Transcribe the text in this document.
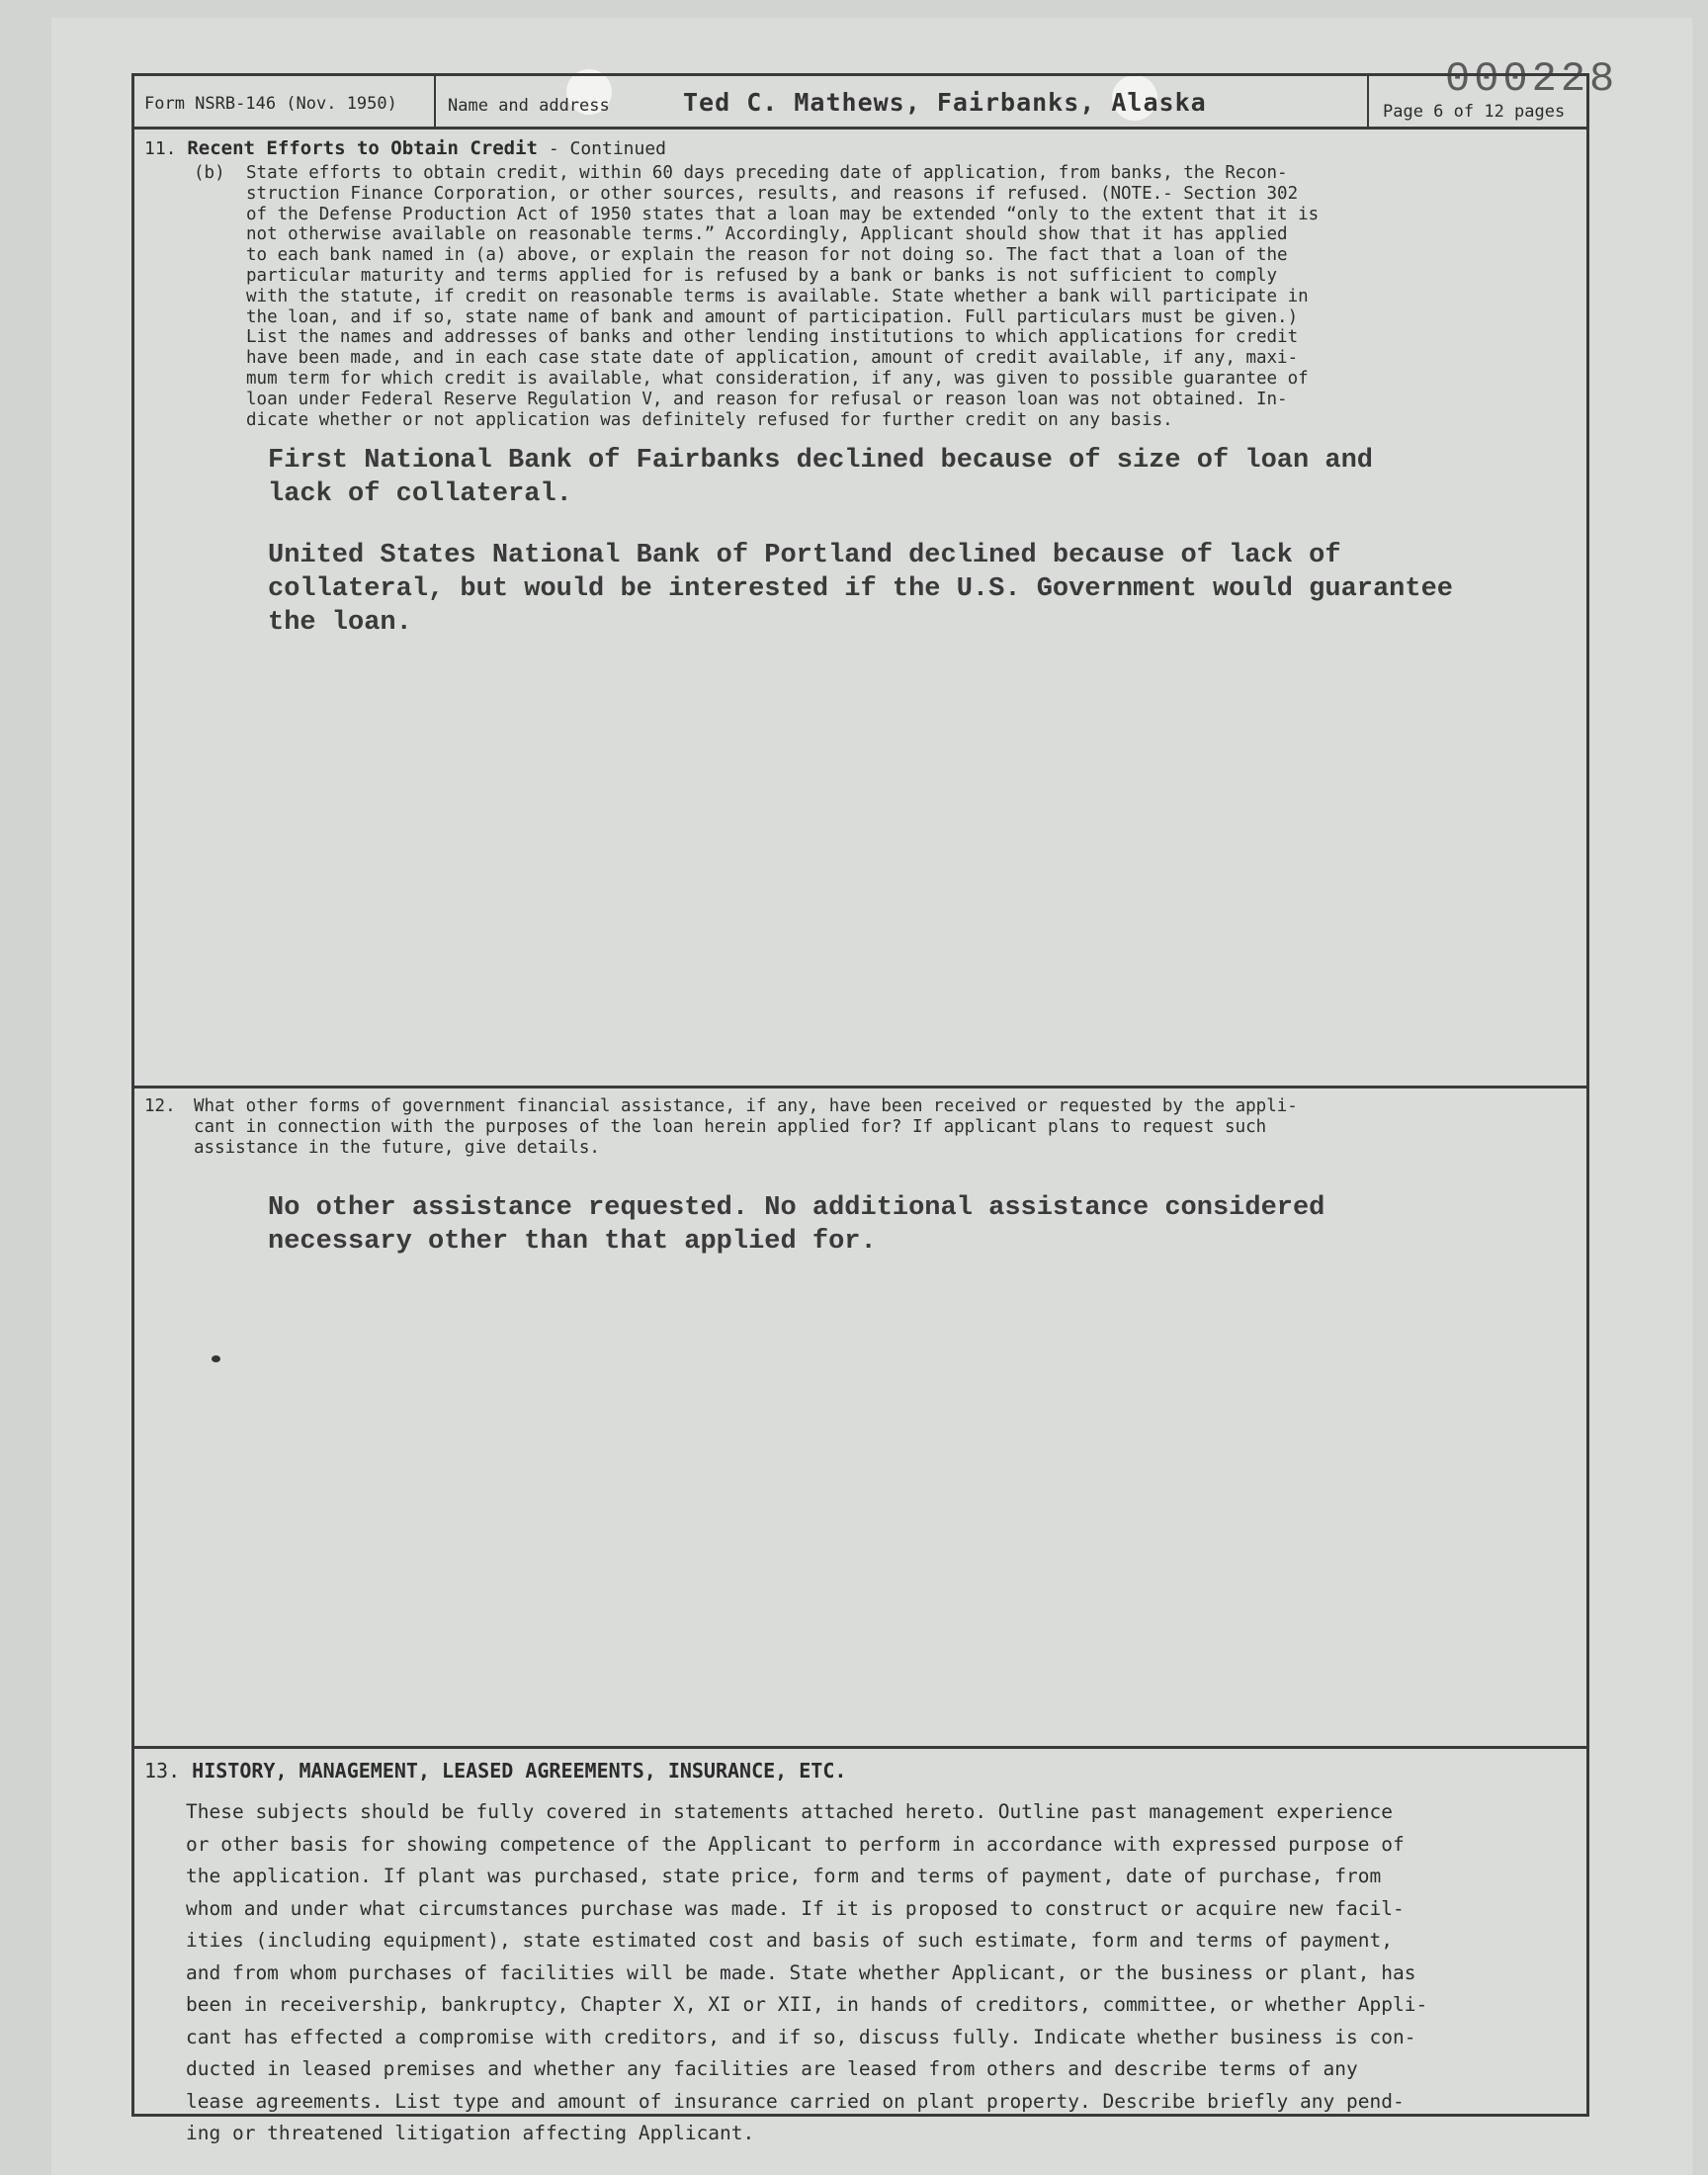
000228
Form NSRB-146 (Nov. 1950)	Name and address	Ted C. Mathews, Fairbanks, Alaska	Page 6 of 12 pages
11. Recent Efforts to Obtain Credit - Continued
(b) State efforts to obtain credit, within 60 days preceding date of application, from banks, the Recon-
struction Finance Corporation, or other sources, results, and reasons if refused. (NOTE.- Section 302
of the Defense Production Act of 1950 states that a loan may be extended “only to the extent that it is
not otherwise available on reasonable terms.” Accordingly, Applicant should show that it has applied
to each bank named in (a) above, or explain the reason for not doing so. The fact that a loan of the
particular maturity and terms applied for is refused by a bank or banks is not sufficient to comply
with the statute, if credit on reasonable terms is available. State whether a bank will participate in
the loan, and if so, state name of bank and amount of participation. Full particulars must be given.)
List the names and addresses of banks and other lending institutions to which applications for credit
have been made, and in each case state date of application, amount of credit available, if any, maxi-
mum term for which credit is available, what consideration, if any, was given to possible guarantee of
loan under Federal Reserve Regulation V, and reason for refusal or reason loan was not obtained. In-
dicate whether or not application was definitely refused for further credit on any basis.

First National Bank of Fairbanks declined because of size of loan and
lack of collateral.

United States National Bank of Portland declined because of lack of
collateral, but would be interested if the U.S. Government would guarantee
the loan.

12. What other forms of government financial assistance, if any, have been received or requested by the appli-
cant in connection with the purposes of the loan herein applied for? If applicant plans to request such
assistance in the future, give details.
No other assistance requested. No additional assistance considered
necessary other than that applied for.
13. HISTORY, MANAGEMENT, LEASED AGREEMENTS, INSURANCE, ETC.
These subjects should be fully covered in statements attached hereto. Outline past management experience
or other basis for showing competence of the Applicant to perform in accordance with expressed purpose of
the application. If plant was purchased, state price, form and terms of payment, date of purchase, from
whom and under what circumstances purchase was made. If it is proposed to construct or acquire new facil-
ities (including equipment), state estimated cost and basis of such estimate, form and terms of payment,
and from whom purchases of facilities will be made. State whether Applicant, or the business or plant, has
been in receivership, bankruptcy, Chapter X, XI or XII, in hands of creditors, committee, or whether Appli-
cant has effected a compromise with creditors, and if so, discuss fully. Indicate whether business is con-
ducted in leased premises and whether any facilities are leased from others and describe terms of any
lease agreements. List type and amount of insurance carried on plant property. Describe briefly any pend-
ing or threatened litigation affecting Applicant.
